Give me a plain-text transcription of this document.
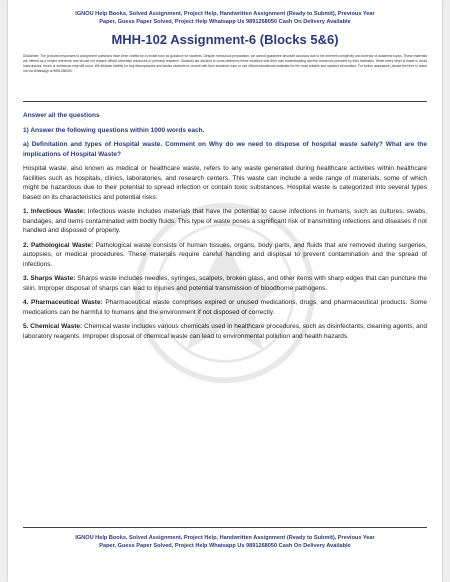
IGNOU Help Books, Solved Assignment, Project Help, Handwritten Assignment (Ready to Submit), Previous Year
Paper, Guess Paper Solved, Project Help Whatsapp Us 9891268050 Cash On Delivery Available
MHH-102 Assignment-6 (Blocks 5&6)
Disclaimer: The provided responses to assignment questions have been crafted by a private tutor as guidance for students. Despite meticulous preparation, we cannot guarantee absolute accuracy due to the inherent complexity and diversity of academic topics. These materials are offered as a helpful reference and should not replace official university resources or personal research. Students are advised to cross-reference these solutions with their own understanding and the resources provided by their institution. While every effort is made to avoid inaccuracies, errors or omissions may still occur. We disclaim liability for any discrepancies and advise students to consult with their academic tutor or use official educational materials for the most reliable and updated information. For further assistance, please feel free to reach out via WhatsApp at 9891268050.

Answer all the questions

1) Answer the following questions within 1000 words each.

a) Definitation and types of Hospital waste. Comment on Why do we need to dispose of hospital waste safely? What are the implications of Hospital Waste?

Hospital waste, also known as medical or healthcare waste, refers to any waste generated during healthcare activities within healthcare facilities such as hospitals, clinics, laboratories, and research centers. This waste can include a wide range of materials, some of which might be hazardous due to their potential to spread infection or contain toxic substances. Hospital waste is categorized into several types based on its characteristics and potential risks:

1. Infectious Waste: Infectious waste includes materials that have the potential to cause infections in humans, such as cultures, swabs, bandages, and items contaminated with bodily fluids. This type of waste poses a significant risk of transmitting infections and diseases if not handled and disposed of properly.

2. Pathological Waste: Pathological waste consists of human tissues, organs, body parts, and fluids that are removed during surgeries, autopsies, or medical procedures. These materials require careful handling and disposal to prevent contamination and the spread of infections.

3. Sharps Waste: Sharps waste includes needles, syringes, scalpels, broken glass, and other items with sharp edges that can puncture the skin. Improper disposal of sharps can lead to injuries and potential transmission of bloodborne pathogens.

4. Pharmaceutical Waste: Pharmaceutical waste comprises expired or unused medications, drugs, and pharmaceutical products. Some medications can be harmful to humans and the environment if not disposed of correctly.

5. Chemical Waste: Chemical waste includes various chemicals used in healthcare procedures, such as disinfectants, cleaning agents, and laboratory reagents. Improper disposal of chemical waste can lead to environmental pollution and health hazards.

IGNOU Help Books, Solved Assignment, Project Help, Handwritten Assignment (Ready to Submit), Previous Year
Paper, Guess Paper Solved, Project Help Whatsapp Us 9891268050 Cash On Delivery Available
